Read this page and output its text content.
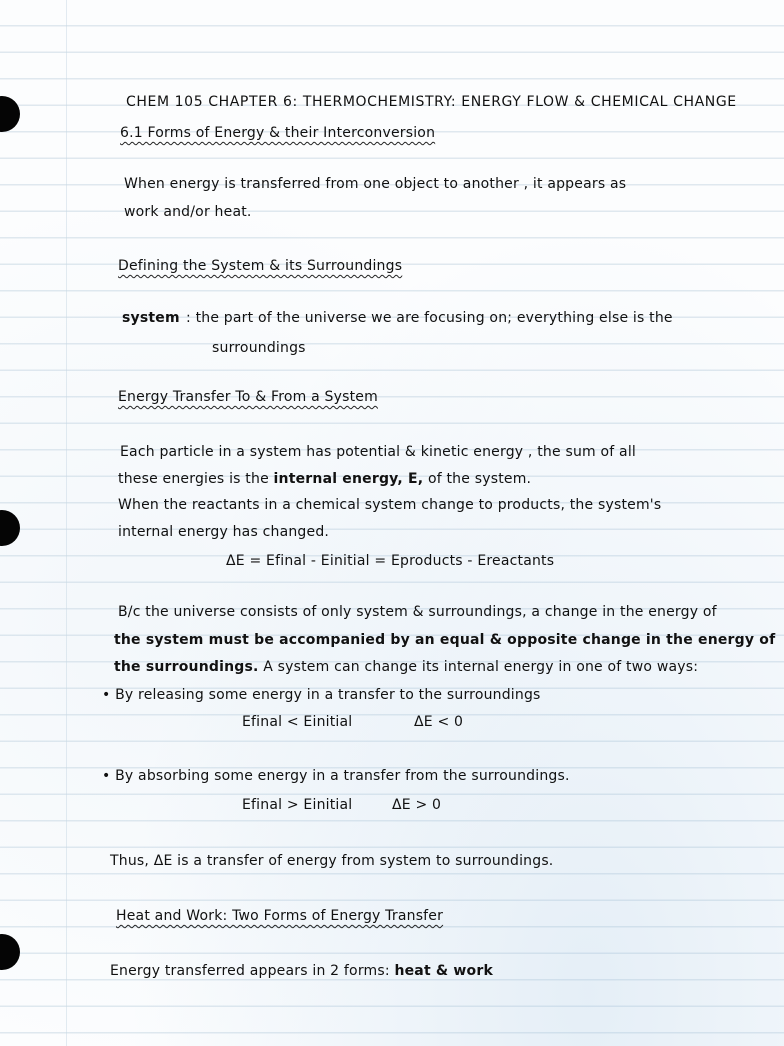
CHEM 105 CHAPTER 6: THERMOCHEMISTRY: ENERGY FLOW & CHEMICAL CHANGE
6.1 Forms of Energy & their Interconversion
When energy is transferred from one object to another , it appears as
work and/or heat.
Defining the System & its Surroundings
system : the part of the universe we are focusing on; everything else is the
surroundings
Energy Transfer To & From a System
Each particle in a system has potential & kinetic energy , the sum of all
these energies is the internal energy, E, of the system.
When the reactants in a chemical system change to products, the system's
internal energy has changed.
ΔE = Efinal - Einitial = Eproducts - Ereactants
B/c the universe consists of only system & surroundings, a change in the energy of
the system must be accompanied by an equal & opposite change in the energy of
the surroundings. A system can change its internal energy in one of two ways:
• By releasing some energy in a transfer to the surroundings
Efinal < Einitial	ΔE < 0
• By absorbing some energy in a transfer from the surroundings.
Efinal > Einitial	ΔE > 0
Thus, ΔE is a transfer of energy from system to surroundings.
Heat and Work: Two Forms of Energy Transfer
Energy transferred appears in 2 forms: heat & work
